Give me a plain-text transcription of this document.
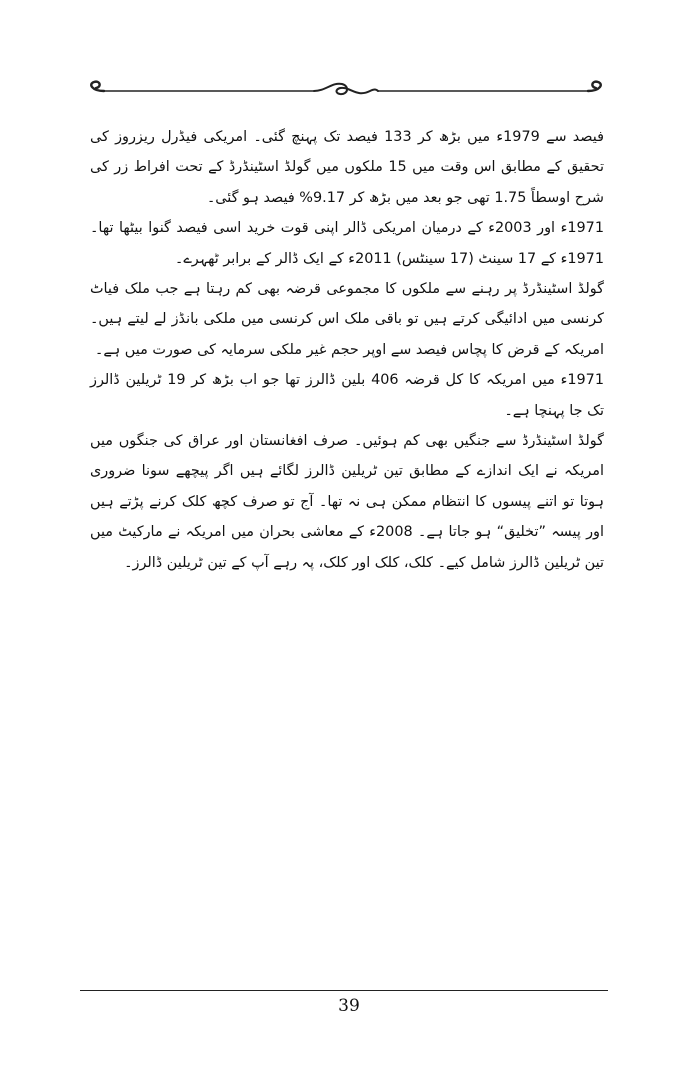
فیصد سے 1979ء میں بڑھ کر 133 فیصد تک پہنچ گئی۔ امریکی فیڈرل ریزروز کی تحقیق کے مطابق اس وقت میں 15 ملکوں میں گولڈ اسٹینڈرڈ کے تحت افراط زر کی شرح اوسطاً 1.75 تھی جو بعد میں بڑھ کر 9.17% فیصد ہو گئی۔

1971ء اور 2003ء کے درمیان امریکی ڈالر اپنی قوت خرید اسی فیصد گنوا بیٹھا تھا۔ 1971ء کے 17 سینٹ (17 سینٹس) 2011ء کے ایک ڈالر کے برابر ٹھہرے۔

گولڈ اسٹینڈرڈ پر رہنے سے ملکوں کا مجموعی قرضہ بھی کم رہتا ہے جب ملک فیاٹ کرنسی میں ادائیگی کرتے ہیں تو باقی ملک اس کرنسی میں ملکی بانڈز لے لیتے ہیں۔ امریکہ کے قرض کا پچاس فیصد سے اوپر حجم غیر ملکی سرمایہ کی صورت میں ہے۔

1971ء میں امریکہ کا کل قرضہ 406 بلین ڈالرز تھا جو اب بڑھ کر 19 ٹریلین ڈالرز تک جا پہنچا ہے۔

گولڈ اسٹینڈرڈ سے جنگیں بھی کم ہوئیں۔ صرف افغانستان اور عراق کی جنگوں میں امریکہ نے ایک اندازے کے مطابق تین ٹریلین ڈالرز لگائے ہیں اگر پیچھے سونا ضروری ہوتا تو اتنے پیسوں کا انتظام ممکن ہی نہ تھا۔ آج تو صرف کچھ کلک کرنے پڑتے ہیں اور پیسہ ”تخلیق“ ہو جاتا ہے۔ 2008ء کے معاشی بحران میں امریکہ نے مارکیٹ میں تین ٹریلین ڈالرز شامل کیے۔ کلک، کلک اور کلک، پہ رہے آپ کے تین ٹریلین ڈالرز۔

39
